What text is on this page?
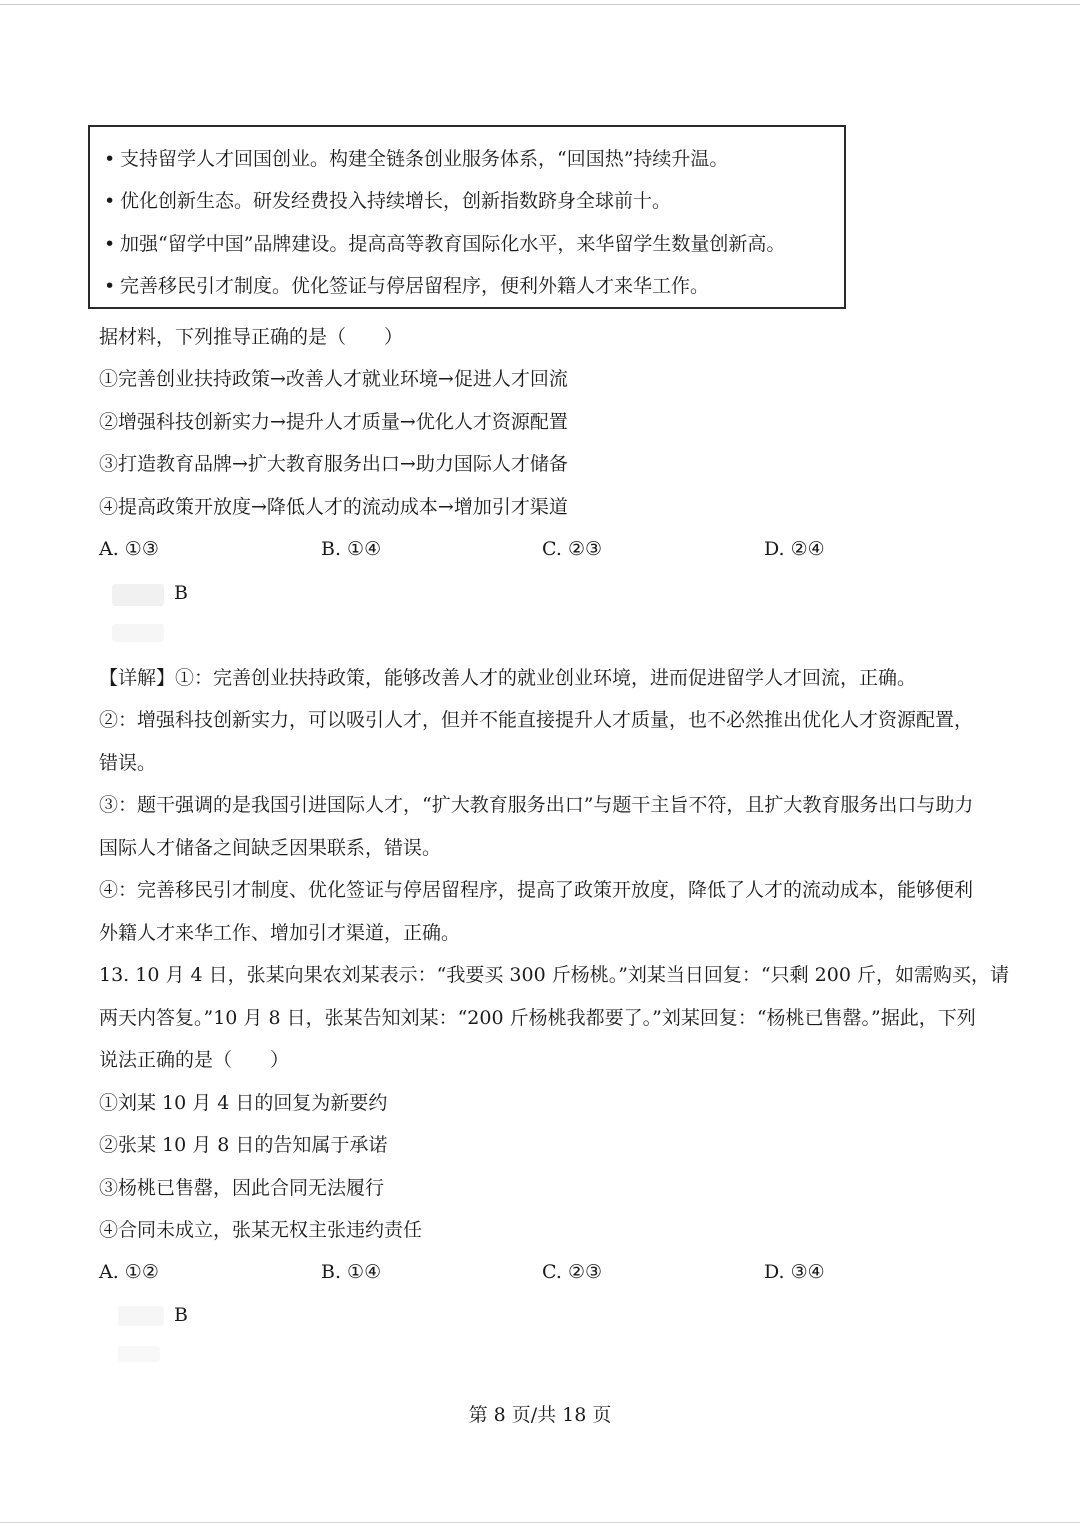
• 支持留学人才回国创业。构建全链条创业服务体系，“回国热”持续升温。
• 优化创新生态。研发经费投入持续增长，创新指数跻身全球前十。
• 加强“留学中国”品牌建设。提高高等教育国际化水平，来华留学生数量创新高。
• 完善移民引才制度。优化签证与停居留程序，便利外籍人才来华工作。
据材料，下列推导正确的是（　　）
①完善创业扶持政策→改善人才就业环境→促进人才回流
②增强科技创新实力→提升人才质量→优化人才资源配置
③打造教育品牌→扩大教育服务出口→助力国际人才储备
④提高政策开放度→降低人才的流动成本→增加引才渠道
A. ①③	B. ①④	C. ②③	D. ②④
B
【详解】①：完善创业扶持政策，能够改善人才的就业创业环境，进而促进留学人才回流，正确。
②：增强科技创新实力，可以吸引人才，但并不能直接提升人才质量，也不必然推出优化人才资源配置，
错误。
③：题干强调的是我国引进国际人才，“扩大教育服务出口”与题干主旨不符，且扩大教育服务出口与助力
国际人才储备之间缺乏因果联系，错误。
④：完善移民引才制度、优化签证与停居留程序，提高了政策开放度，降低了人才的流动成本，能够便利
外籍人才来华工作、增加引才渠道，正确。
13. 10 月 4 日，张某向果农刘某表示：“我要买 300 斤杨桃。”刘某当日回复：“只剩 200 斤，如需购买，请
两天内答复。”10 月 8 日，张某告知刘某：“200 斤杨桃我都要了。”刘某回复：“杨桃已售罄。”据此，下列
说法正确的是（　　）
①刘某 10 月 4 日的回复为新要约
②张某 10 月 8 日的告知属于承诺
③杨桃已售罄，因此合同无法履行
④合同未成立，张某无权主张违约责任
A. ①②	B. ①④	C. ②③	D. ③④
B
第 8 页/共 18 页
